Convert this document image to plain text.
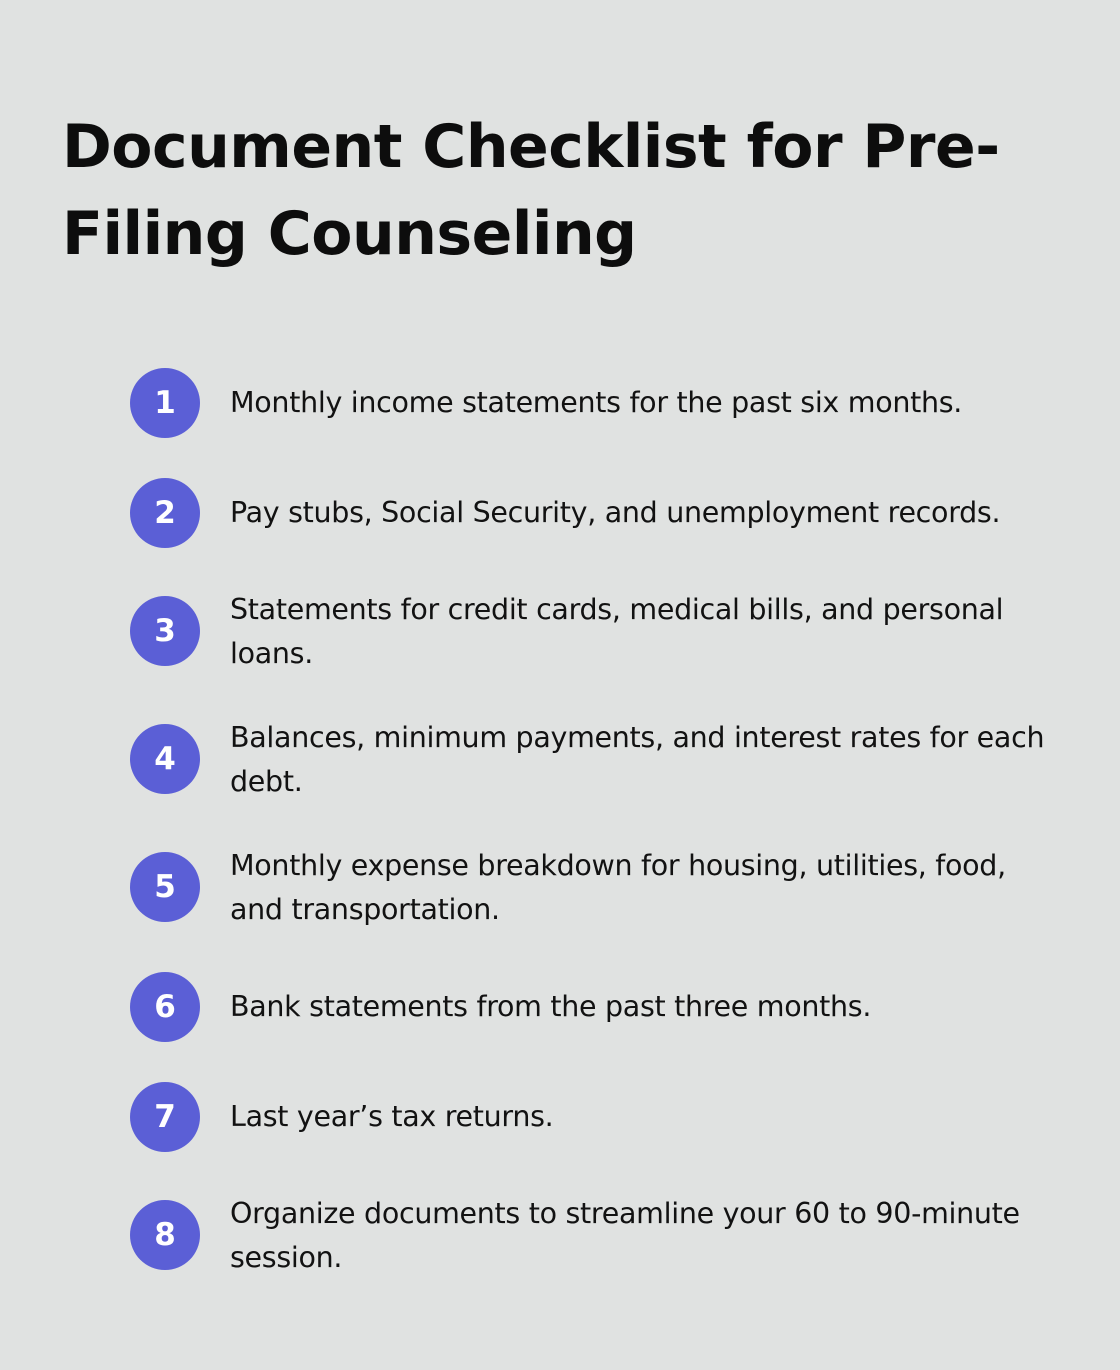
Document Checklist for Pre-Filing Counseling
1	Monthly income statements for the past six months.
2	Pay stubs, Social Security, and unemployment records.
3
Statements for credit cards, medical bills, and personal loans.
4
Balances, minimum payments, and interest rates for each debt.
5
Monthly expense breakdown for housing, utilities, food, and transportation.
6	Bank statements from the past three months.
7	Last year’s tax returns.
8
Organize documents to streamline your 60 to 90-minute session.
